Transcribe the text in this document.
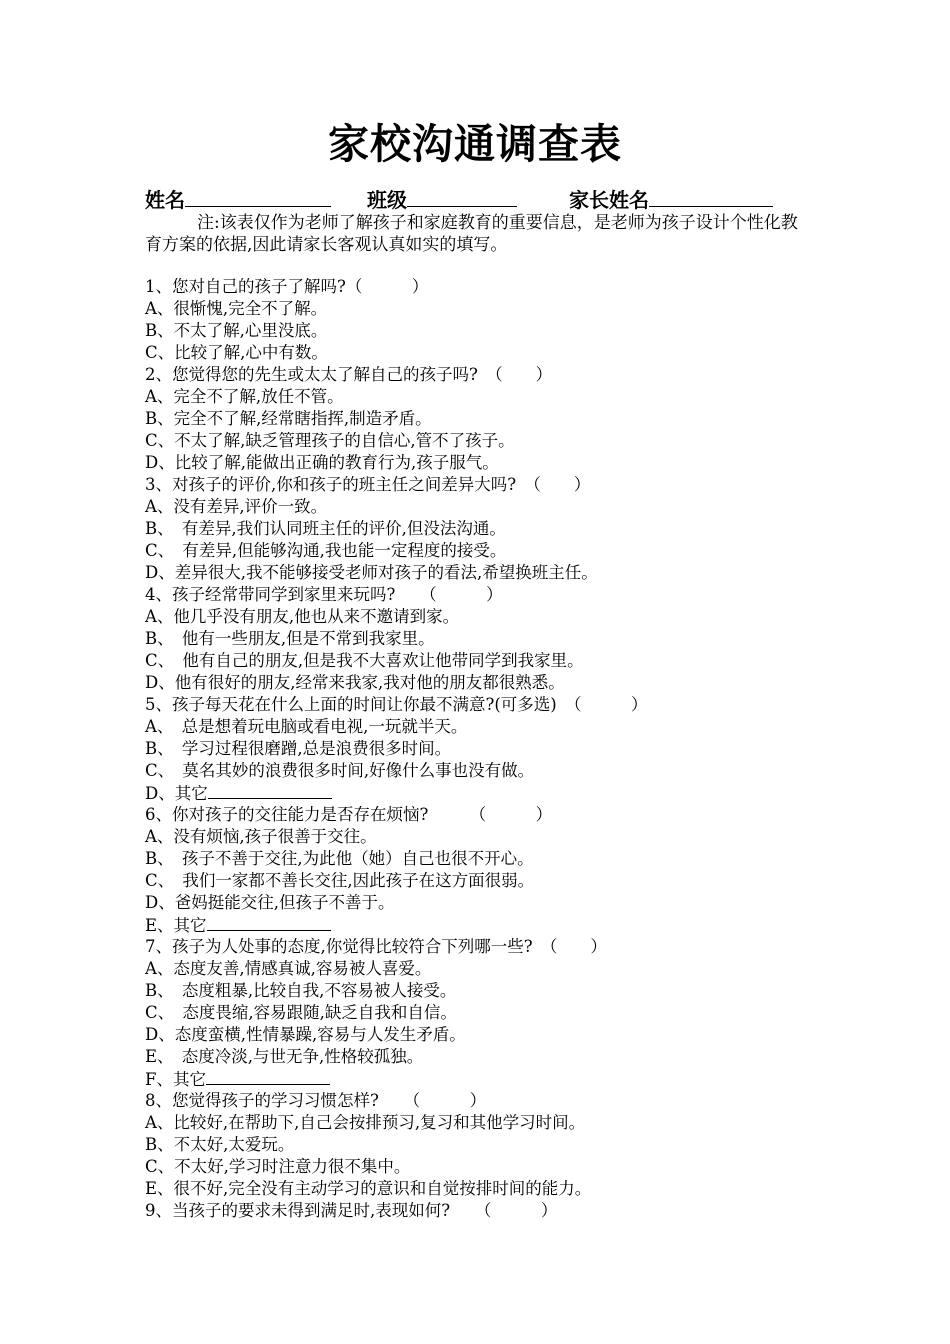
家校沟通调查表
姓名	班级	家长姓名
注:该表仅作为老师了解孩子和家庭教育的重要信息，是老师为孩子设计个性化教育方案的依据,因此请家长客观认真如实的填写。
1、您对自己的孩子了解吗?（　　　）
A、很惭愧,完全不了解。
B、不太了解,心里没底。
C、比较了解,心中有数。
2、您觉得您的先生或太太了解自己的孩子吗?　（　　）
A、完全不了解,放任不管。
B、完全不了解,经常瞎指挥,制造矛盾。
C、不太了解,缺乏管理孩子的自信心,管不了孩子。
D、比较了解,能做出正确的教育行为,孩子服气。
3、对孩子的评价,你和孩子的班主任之间差异大吗?　（　　）
A、没有差异,评价一致。
B、　有差异,我们认同班主任的评价,但没法沟通。
C、　有差异,但能够沟通,我也能一定程度的接受。
D、差异很大,我不能够接受老师对孩子的看法,希望换班主任。
4、孩子经常带同学到家里来玩吗?　　（　　　）
A、他几乎没有朋友,他也从来不邀请到家。
B、　他有一些朋友,但是不常到我家里。
C、　他有自己的朋友,但是我不大喜欢让他带同学到我家里。
D、他有很好的朋友,经常来我家,我对他的朋友都很熟悉。
5、孩子每天花在什么上面的时间让你最不满意?(可多选)　（　　　）
A、　总是想着玩电脑或看电视,一玩就半天。
B、　学习过程很磨蹭,总是浪费很多时间。
C、　莫名其妙的浪费很多时间,好像什么事也没有做。
D、其它
6、你对孩子的交往能力是否存在烦恼?　　　（　　　）
A、没有烦恼,孩子很善于交往。
B、　孩子不善于交往,为此他（她）自己也很不开心。
C、　我们一家都不善长交往,因此孩子在这方面很弱。
D、爸妈挺能交往,但孩子不善于。
E、其它
7、孩子为人处事的态度,你觉得比较符合下列哪一些?　（　　）
A、态度友善,情感真诚,容易被人喜爱。
B、　态度粗暴,比较自我,不容易被人接受。
C、　态度畏缩,容易跟随,缺乏自我和自信。
D、态度蛮横,性情暴躁,容易与人发生矛盾。
E、　态度冷淡,与世无争,性格较孤独。
F、其它
8、您觉得孩子的学习习惯怎样?　　（　　　）
A、比较好,在帮助下,自己会按排预习,复习和其他学习时间。
B、不太好,太爱玩。
C、不太好,学习时注意力很不集中。
E、很不好,完全没有主动学习的意识和自觉按排时间的能力。
9、当孩子的要求未得到满足时,表现如何?　　（　　　）
